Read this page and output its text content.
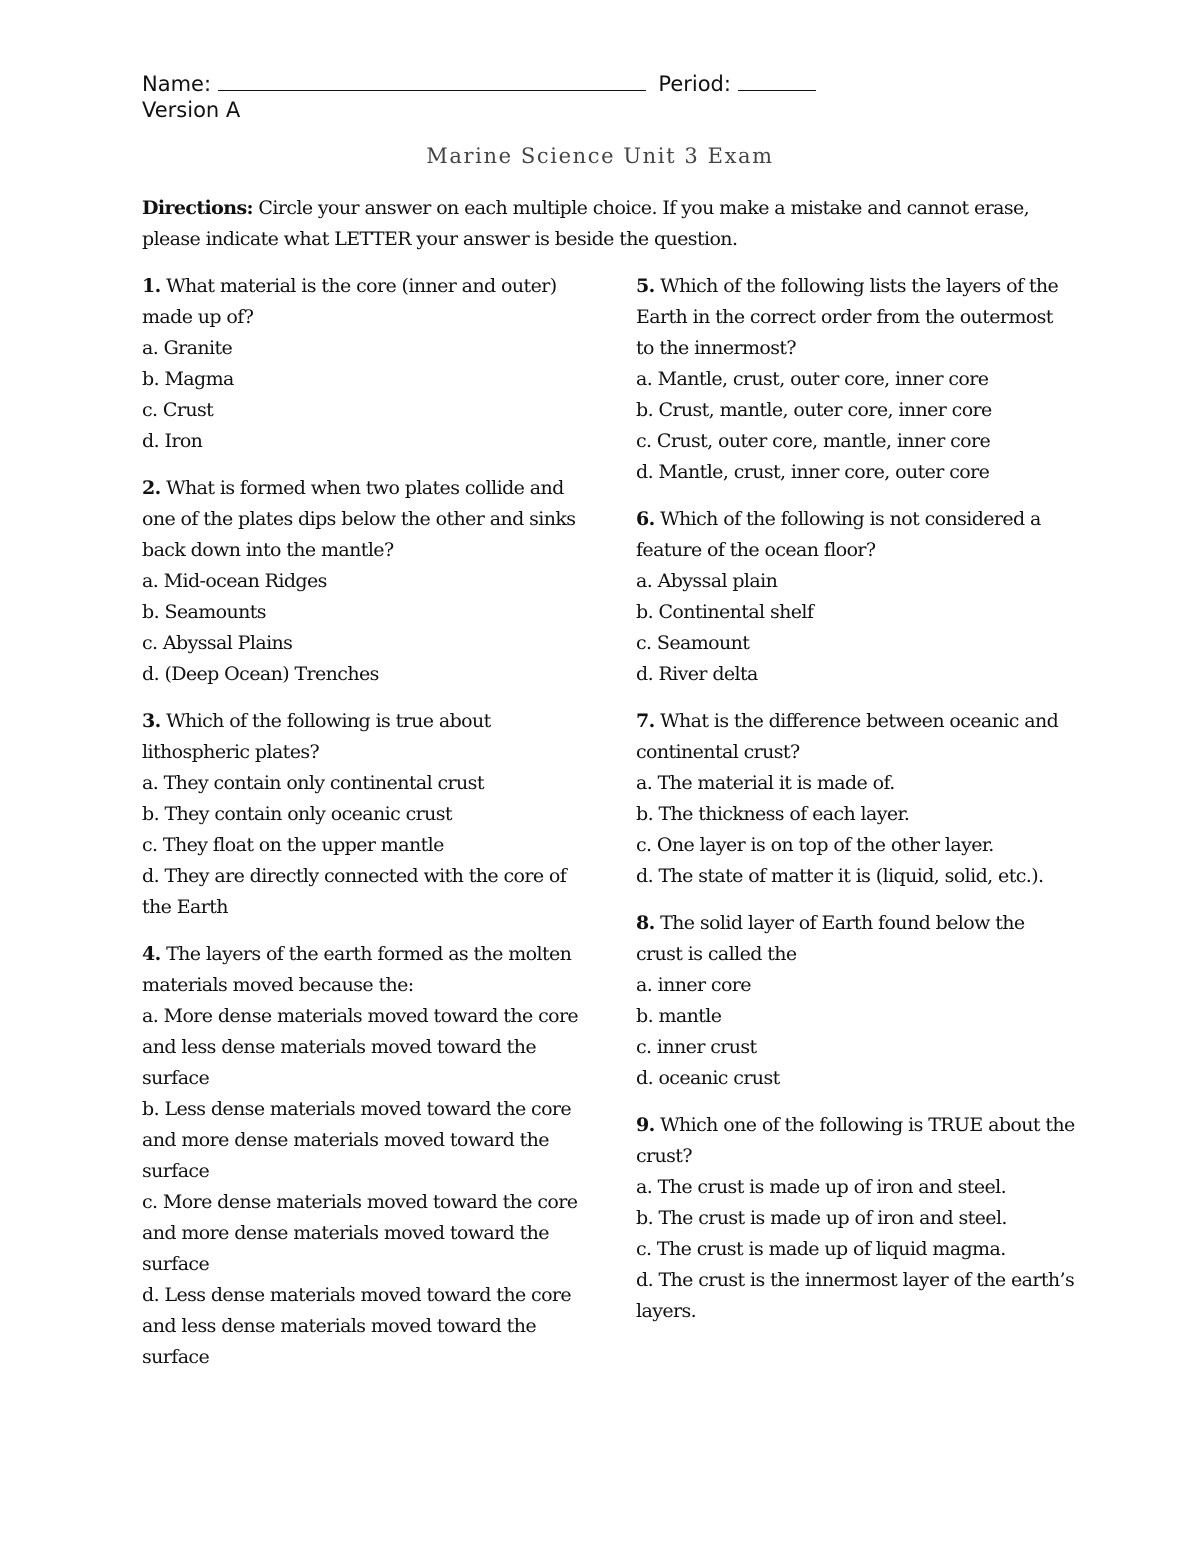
Name:	Period:
Version A
Marine Science Unit 3 Exam
Directions: Circle your answer on each multiple choice. If you make a mistake and cannot erase, please indicate what LETTER your answer is beside the question.
1. What material is the core (inner and outer) made up of?
a. Granite
b. Magma
c. Crust
d. Iron
2. What is formed when two plates collide and one of the plates dips below the other and sinks back down into the mantle?
a. Mid-ocean Ridges
b. Seamounts
c. Abyssal Plains
d. (Deep Ocean) Trenches
3. Which of the following is true about lithospheric plates?
a. They contain only continental crust
b. They contain only oceanic crust
c. They float on the upper mantle
d. They are directly connected with the core of the Earth
4. The layers of the earth formed as the molten materials moved because the:
a. More dense materials moved toward the core and less dense materials moved toward the surface
b. Less dense materials moved toward the core and more dense materials moved toward the surface
c. More dense materials moved toward the core and more dense materials moved toward the surface
d. Less dense materials moved toward the core and less dense materials moved toward the surface
5. Which of the following lists the layers of the Earth in the correct order from the outermost to the innermost?
a. Mantle, crust, outer core, inner core
b. Crust, mantle, outer core, inner core
c. Crust, outer core, mantle, inner core
d. Mantle, crust, inner core, outer core
6. Which of the following is not considered a feature of the ocean floor?
a. Abyssal plain
b. Continental shelf
c. Seamount
d. River delta
7. What is the difference between oceanic and continental crust?
a. The material it is made of.
b. The thickness of each layer.
c. One layer is on top of the other layer.
d. The state of matter it is (liquid, solid, etc.).
8. The solid layer of Earth found below the crust is called the
a. inner core
b. mantle
c. inner crust
d. oceanic crust
9. Which one of the following is TRUE about the crust?
a. The crust is made up of iron and steel.
b. The crust is made up of iron and steel.
c. The crust is made up of liquid magma.
d. The crust is the innermost layer of the earth’s layers.
